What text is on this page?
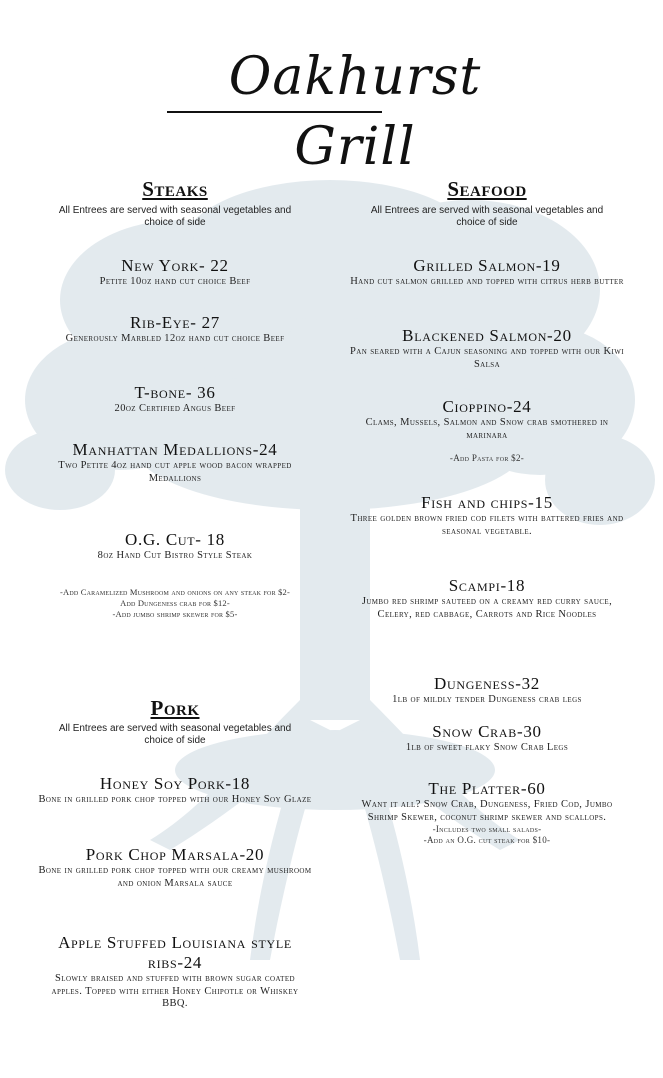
Oakhurst Grill
Steaks
All Entrees are served with seasonal vegetables and choice of side
New York- 22
Petite 10oz hand cut choice Beef
Rib-Eye- 27
Generously Marbled 12oz hand cut choice Beef
T-bone- 36
20oz Certified Angus Beef
Manhattan Medallions-24
Two Petite 4oz hand cut apple wood bacon wrapped Medallions
O.G. Cut- 18
8oz Hand Cut Bistro Style Steak
-Add Caramelized Mushroom and onions on any steak for $2-
Add Dungeness crab for $12-
-Add jumbo shrimp skewer for $5-
Pork
All Entrees are served with seasonal vegetables and choice of side
Honey Soy Pork-18
Bone in grilled pork chop topped with our Honey Soy Glaze
Pork Chop Marsala-20
Bone in grilled pork chop topped with our creamy mushroom and onion Marsala sauce
Apple Stuffed Louisiana style ribs-24
Slowly braised and stuffed with brown sugar coated apples. Topped with either Honey Chipotle or Whiskey BBQ.
Seafood
All Entrees are served with seasonal vegetables and choice of side
Grilled Salmon-19
Hand cut salmon grilled and topped with citrus herb butter
Blackened Salmon-20
Pan seared with a Cajun seasoning and topped with our Kiwi Salsa
Cioppino-24
Clams, Mussels, Salmon and Snow crab smothered in marinara
-Add Pasta for $2-
Fish and chips-15
Three golden brown fried cod filets with battered fries and seasonal vegetable.
Scampi-18
Jumbo red shrimp sauteed on a creamy red curry sauce, Celery, red cabbage, Carrots and Rice Noodles
Dungeness-32
1lb of mildly tender Dungeness crab legs
Snow Crab-30
1lb of sweet flaky Snow Crab Legs
The Platter-60
Want it all? Snow Crab, Dungeness, Fried Cod, Jumbo Shrimp Skewer, coconut shrimp skewer and scallops.
-Includes two small salads-
-Add an O.G. cut steak for $10-
